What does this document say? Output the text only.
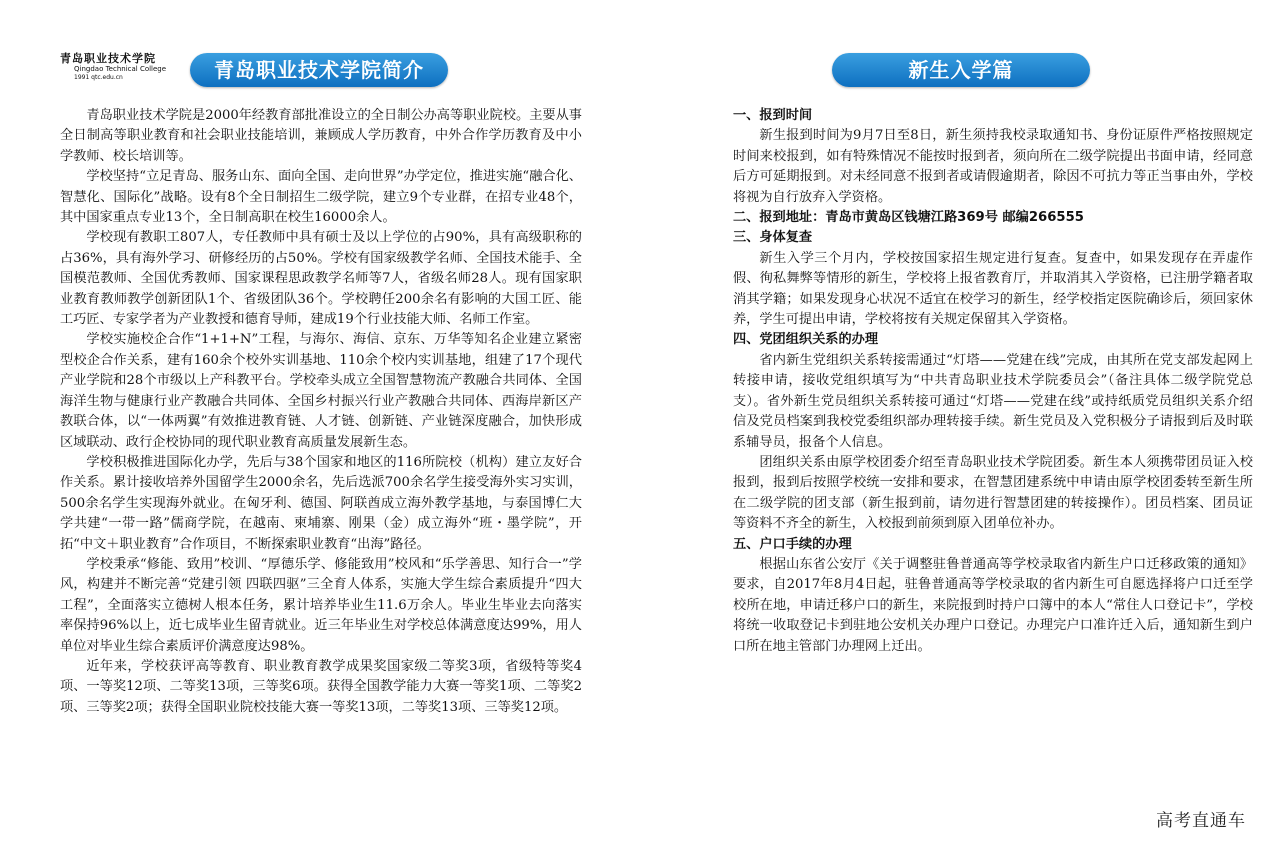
青岛职业技术学院
Qingdao Technical College
1991 qtc.edu.cn	青岛职业技术学院简介

青岛职业技术学院是2000年经教育部批准设立的全日制公办高等职业院校。主要从事全日制高等职业教育和社会职业技能培训，兼顾成人学历教育，中外合作学历教育及中小学教师、校长培训等。

学校坚持“立足青岛、服务山东、面向全国、走向世界”办学定位，推进实施“融合化、智慧化、国际化”战略。设有8个全日制招生二级学院，建立9个专业群，在招专业48个，其中国家重点专业13个，全日制高职在校生16000余人。

学校现有教职工807人，专任教师中具有硕士及以上学位的占90%，具有高级职称的占36%，具有海外学习、研修经历的占50%。学校有国家级教学名师、全国技术能手、全国模范教师、全国优秀教师、国家课程思政教学名师等7人，省级名师28人。现有国家职业教育教师教学创新团队1个、省级团队36个。学校聘任200余名有影响的大国工匠、能工巧匠、专家学者为产业教授和德育导师，建成19个行业技能大师、名师工作室。

学校实施校企合作“1+1+N”工程，与海尔、海信、京东、万华等知名企业建立紧密型校企合作关系，建有160余个校外实训基地、110余个校内实训基地，组建了17个现代产业学院和28个市级以上产科教平台。学校牵头成立全国智慧物流产教融合共同体、全国海洋生物与健康行业产教融合共同体、全国乡村振兴行业产教融合共同体、西海岸新区产教联合体，以“一体两翼”有效推进教育链、人才链、创新链、产业链深度融合，加快形成区域联动、政行企校协同的现代职业教育高质量发展新生态。

学校积极推进国际化办学，先后与38个国家和地区的116所院校（机构）建立友好合作关系。累计接收培养外国留学生2000余名，先后选派700余名学生接受海外实习实训，500余名学生实现海外就业。在匈牙利、德国、阿联酋成立海外教学基地，与泰国博仁大学共建“一带一路”儒商学院，在越南、柬埔寨、刚果（金）成立海外“班・墨学院”，开拓“中文＋职业教育”合作项目，不断探索职业教育“出海”路径。

学校秉承“修能、致用”校训、“厚德乐学、修能致用”校风和“乐学善思、知行合一”学风，构建并不断完善“党建引领 四联四驱”三全育人体系，实施大学生综合素质提升“四大工程”，全面落实立德树人根本任务，累计培养毕业生11.6万余人。毕业生毕业去向落实率保持96%以上，近七成毕业生留青就业。近三年毕业生对学校总体满意度达99%，用人单位对毕业生综合素质评价满意度达98%。

近年来，学校获评高等教育、职业教育教学成果奖国家级二等奖3项，省级特等奖4项、一等奖12项、二等奖13项，三等奖6项。获得全国教学能力大赛一等奖1项、二等奖2项、三等奖2项；获得全国职业院校技能大赛一等奖13项，二等奖13项、三等奖12项。

新生入学篇
一、报到时间

新生报到时间为9月7日至8日，新生须持我校录取通知书、身份证原件严格按照规定时间来校报到，如有特殊情况不能按时报到者，须向所在二级学院提出书面申请，经同意后方可延期报到。对未经同意不报到者或请假逾期者，除因不可抗力等正当事由外，学校将视为自行放弃入学资格。

二、报到地址：青岛市黄岛区钱塘江路369号 邮编266555
三、身体复查

新生入学三个月内，学校按国家招生规定进行复查。复查中，如果发现存在弄虚作假、徇私舞弊等情形的新生，学校将上报省教育厅，并取消其入学资格，已注册学籍者取消其学籍；如果发现身心状况不适宜在校学习的新生，经学校指定医院确诊后，须回家休养，学生可提出申请，学校将按有关规定保留其入学资格。

四、党团组织关系的办理

省内新生党组织关系转接需通过“灯塔——党建在线”完成，由其所在党支部发起网上转接申请，接收党组织填写为“中共青岛职业技术学院委员会”（备注具体二级学院党总支）。省外新生党员组织关系转接可通过“灯塔——党建在线”或持纸质党员组织关系介绍信及党员档案到我校党委组织部办理转接手续。新生党员及入党积极分子请报到后及时联系辅导员，报备个人信息。

团组织关系由原学校团委介绍至青岛职业技术学院团委。新生本人须携带团员证入校报到，报到后按照学校统一安排和要求，在智慧团建系统中申请由原学校团委转至新生所在二级学院的团支部（新生报到前，请勿进行智慧团建的转接操作）。团员档案、团员证等资料不齐全的新生，入校报到前须到原入团单位补办。

五、户口手续的办理

根据山东省公安厅《关于调整驻鲁普通高等学校录取省内新生户口迁移政策的通知》要求，自2017年8月4日起，驻鲁普通高等学校录取的省内新生可自愿选择将户口迁至学校所在地，申请迁移户口的新生，来院报到时持户口簿中的本人“常住人口登记卡”，学校将统一收取登记卡到驻地公安机关办理户口登记。办理完户口准许迁入后，通知新生到户口所在地主管部门办理网上迁出。

高考直通车
